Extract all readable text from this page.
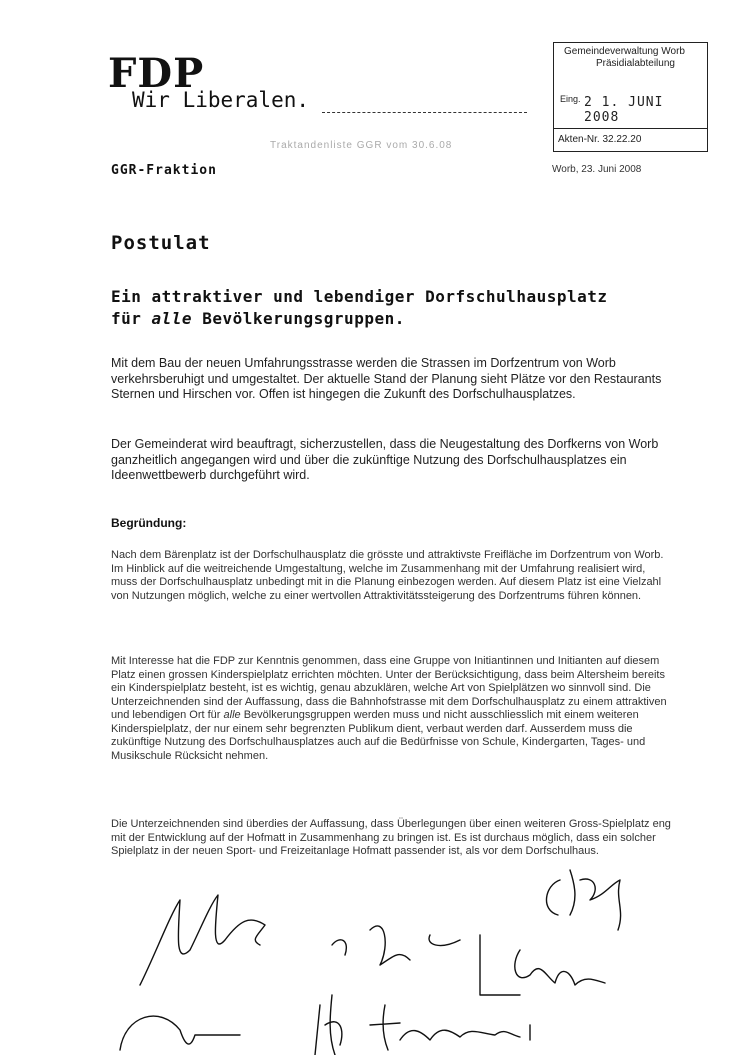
FDP
Wir Liberalen.
Gemeindeverwaltung Worb
Präsidialabteilung
Eing. 2 1. JUNI 2008
Akten-Nr. 32.22.20
Traktandenliste GGR vom 30.6.08
GGR-Fraktion	Worb, 23. Juni 2008
Postulat
Ein attraktiver und lebendiger Dorfschulhausplatz
für alle Bevölkerungsgruppen.
Mit dem Bau der neuen Umfahrungsstrasse werden die Strassen im Dorfzentrum von Worb verkehrsberuhigt und umgestaltet. Der aktuelle Stand der Planung sieht Plätze vor den Restaurants Sternen und Hirschen vor. Offen ist hingegen die Zukunft des Dorfschulhausplatzes.
Der Gemeinderat wird beauftragt, sicherzustellen, dass die Neugestaltung des Dorfkerns von Worb ganzheitlich angegangen wird und über die zukünftige Nutzung des Dorfschulhausplatzes ein Ideenwettbewerb durchgeführt wird.
Begründung:
Nach dem Bärenplatz ist der Dorfschulhausplatz die grösste und attraktivste Freifläche im Dorfzentrum von Worb. Im Hinblick auf die weitreichende Umgestaltung, welche im Zusammenhang mit der Umfahrung realisiert wird, muss der Dorfschulhausplatz unbedingt mit in die Planung einbezogen werden. Auf diesem Platz ist eine Vielzahl von Nutzungen möglich, welche zu einer wertvollen Attraktivitätssteigerung des Dorfzentrums führen können.
Mit Interesse hat die FDP zur Kenntnis genommen, dass eine Gruppe von Initiantinnen und Initianten auf diesem Platz einen grossen Kinderspielplatz errichten möchten. Unter der Berücksichtigung, dass beim Altersheim bereits ein Kinderspielplatz besteht, ist es wichtig, genau abzuklären, welche Art von Spielplätzen wo sinnvoll sind. Die Unterzeichnenden sind der Auffassung, dass die Bahnhofstrasse mit dem Dorfschulhausplatz zu einem attraktiven und lebendigen Ort für alle Bevölkerungsgruppen werden muss und nicht ausschliesslich mit einem weiteren Kinderspielplatz, der nur einem sehr begrenzten Publikum dient, verbaut werden darf. Ausserdem muss die zukünftige Nutzung des Dorfschulhausplatzes auch auf die Bedürfnisse von Schule, Kindergarten, Tages- und Musikschule Rücksicht nehmen.
Die Unterzeichnenden sind überdies der Auffassung, dass Überlegungen über einen weiteren Gross-Spielplatz eng mit der Entwicklung auf der Hofmatt in Zusammenhang zu bringen ist. Es ist durchaus möglich, dass ein solcher Spielplatz in der neuen Sport- und Freizeitanlage Hofmatt passender ist, als vor dem Dorfschulhaus.
